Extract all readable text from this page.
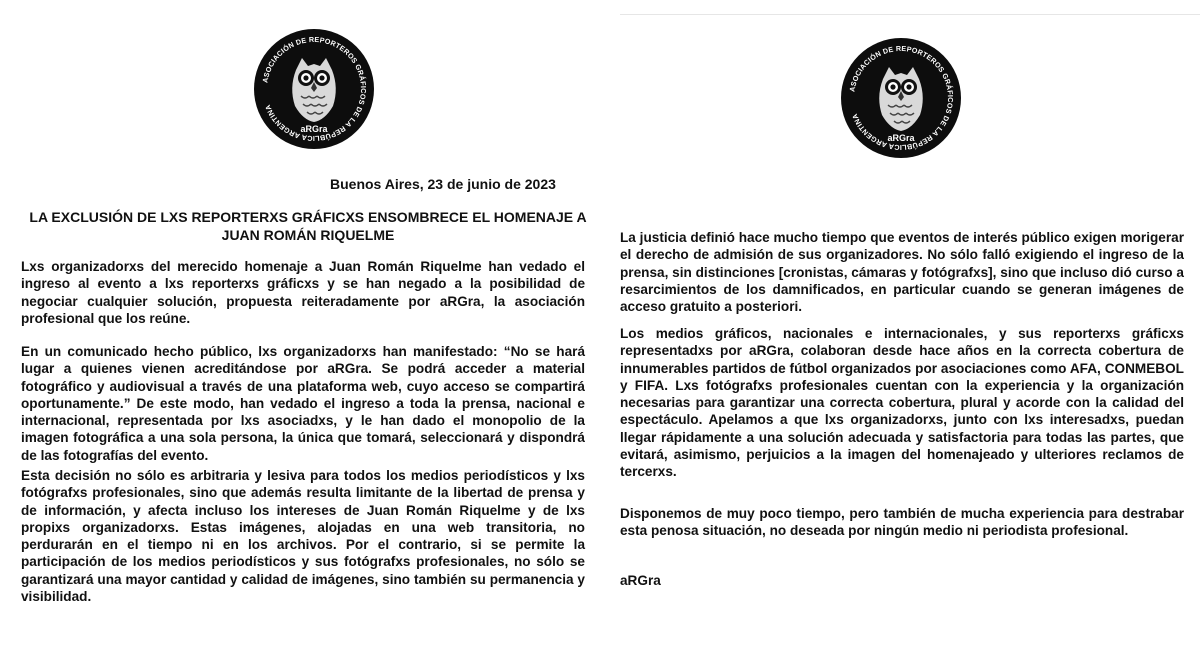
ASOCIACIÓN DE REPORTEROS GRÁFICOS DE LA REPÚBLICA ARGENTINA
aRGra
Buenos Aires, 23 de junio de 2023
LA EXCLUSIÓN DE LXS REPORTERXS GRÁFICXS ENSOMBRECE EL HOMENAJE A JUAN ROMÁN RIQUELME

Lxs organizadorxs del merecido homenaje a Juan Román Riquelme han vedado el ingreso al evento a lxs reporterxs gráficxs y se han negado a la posibilidad de negociar cualquier solución, propuesta reiteradamente por aRGra, la asociación profesional que los reúne.

En un comunicado hecho público, lxs organizadorxs han manifestado: “No se hará lugar a quienes vienen acreditándose por aRGra. Se podrá acceder a material fotográfico y audiovisual a través de una plataforma web, cuyo acceso se compartirá oportunamente.” De este modo, han vedado el ingreso a toda la prensa, nacional e internacional, representada por lxs asociadxs, y le han dado el monopolio de la imagen fotográfica a una sola persona, la única que tomará, seleccionará y dispondrá de las fotografías del evento.

Esta decisión no sólo es arbitraria y lesiva para todos los medios periodísticos y lxs fotógrafxs profesionales, sino que además resulta limitante de la libertad de prensa y de información, y afecta incluso los intereses de Juan Román Riquelme y de lxs propixs organizadorxs. Estas imágenes, alojadas en una web transitoria, no perdurarán en el tiempo ni en los archivos. Por el contrario, si se permite la participación de los medios periodísticos y sus fotógrafxs profesionales, no sólo se garantizará una mayor cantidad y calidad de imágenes, sino también su permanencia y visibilidad.

ASOCIACIÓN DE REPORTEROS GRÁFICOS DE LA REPÚBLICA ARGENTINA
aRGra

La justicia definió hace mucho tiempo que eventos de interés público exigen morigerar el derecho de admisión de sus organizadores. No sólo falló exigiendo el ingreso de la prensa, sin distinciones [cronistas, cámaras y fotógrafxs], sino que incluso dió curso a resarcimientos de los damnificados, en particular cuando se generan imágenes de acceso gratuito a posteriori.

Los medios gráficos, nacionales e internacionales, y sus reporterxs gráficxs representadxs por aRGra, colaboran desde hace años en la correcta cobertura de innumerables partidos de fútbol organizados por asociaciones como AFA, CONMEBOL y FIFA. Lxs fotógrafxs profesionales cuentan con la experiencia y la organización necesarias para garantizar una correcta cobertura, plural y acorde con la calidad del espectáculo. Apelamos a que lxs organizadorxs, junto con lxs interesadxs, puedan llegar rápidamente a una solución adecuada y satisfactoria para todas las partes, que evitará, asimismo, perjuicios a la imagen del homenajeado y ulteriores reclamos de tercerxs.

Disponemos de muy poco tiempo, pero también de mucha experiencia para destrabar esta penosa situación, no deseada por ningún medio ni periodista profesional.

aRGra
